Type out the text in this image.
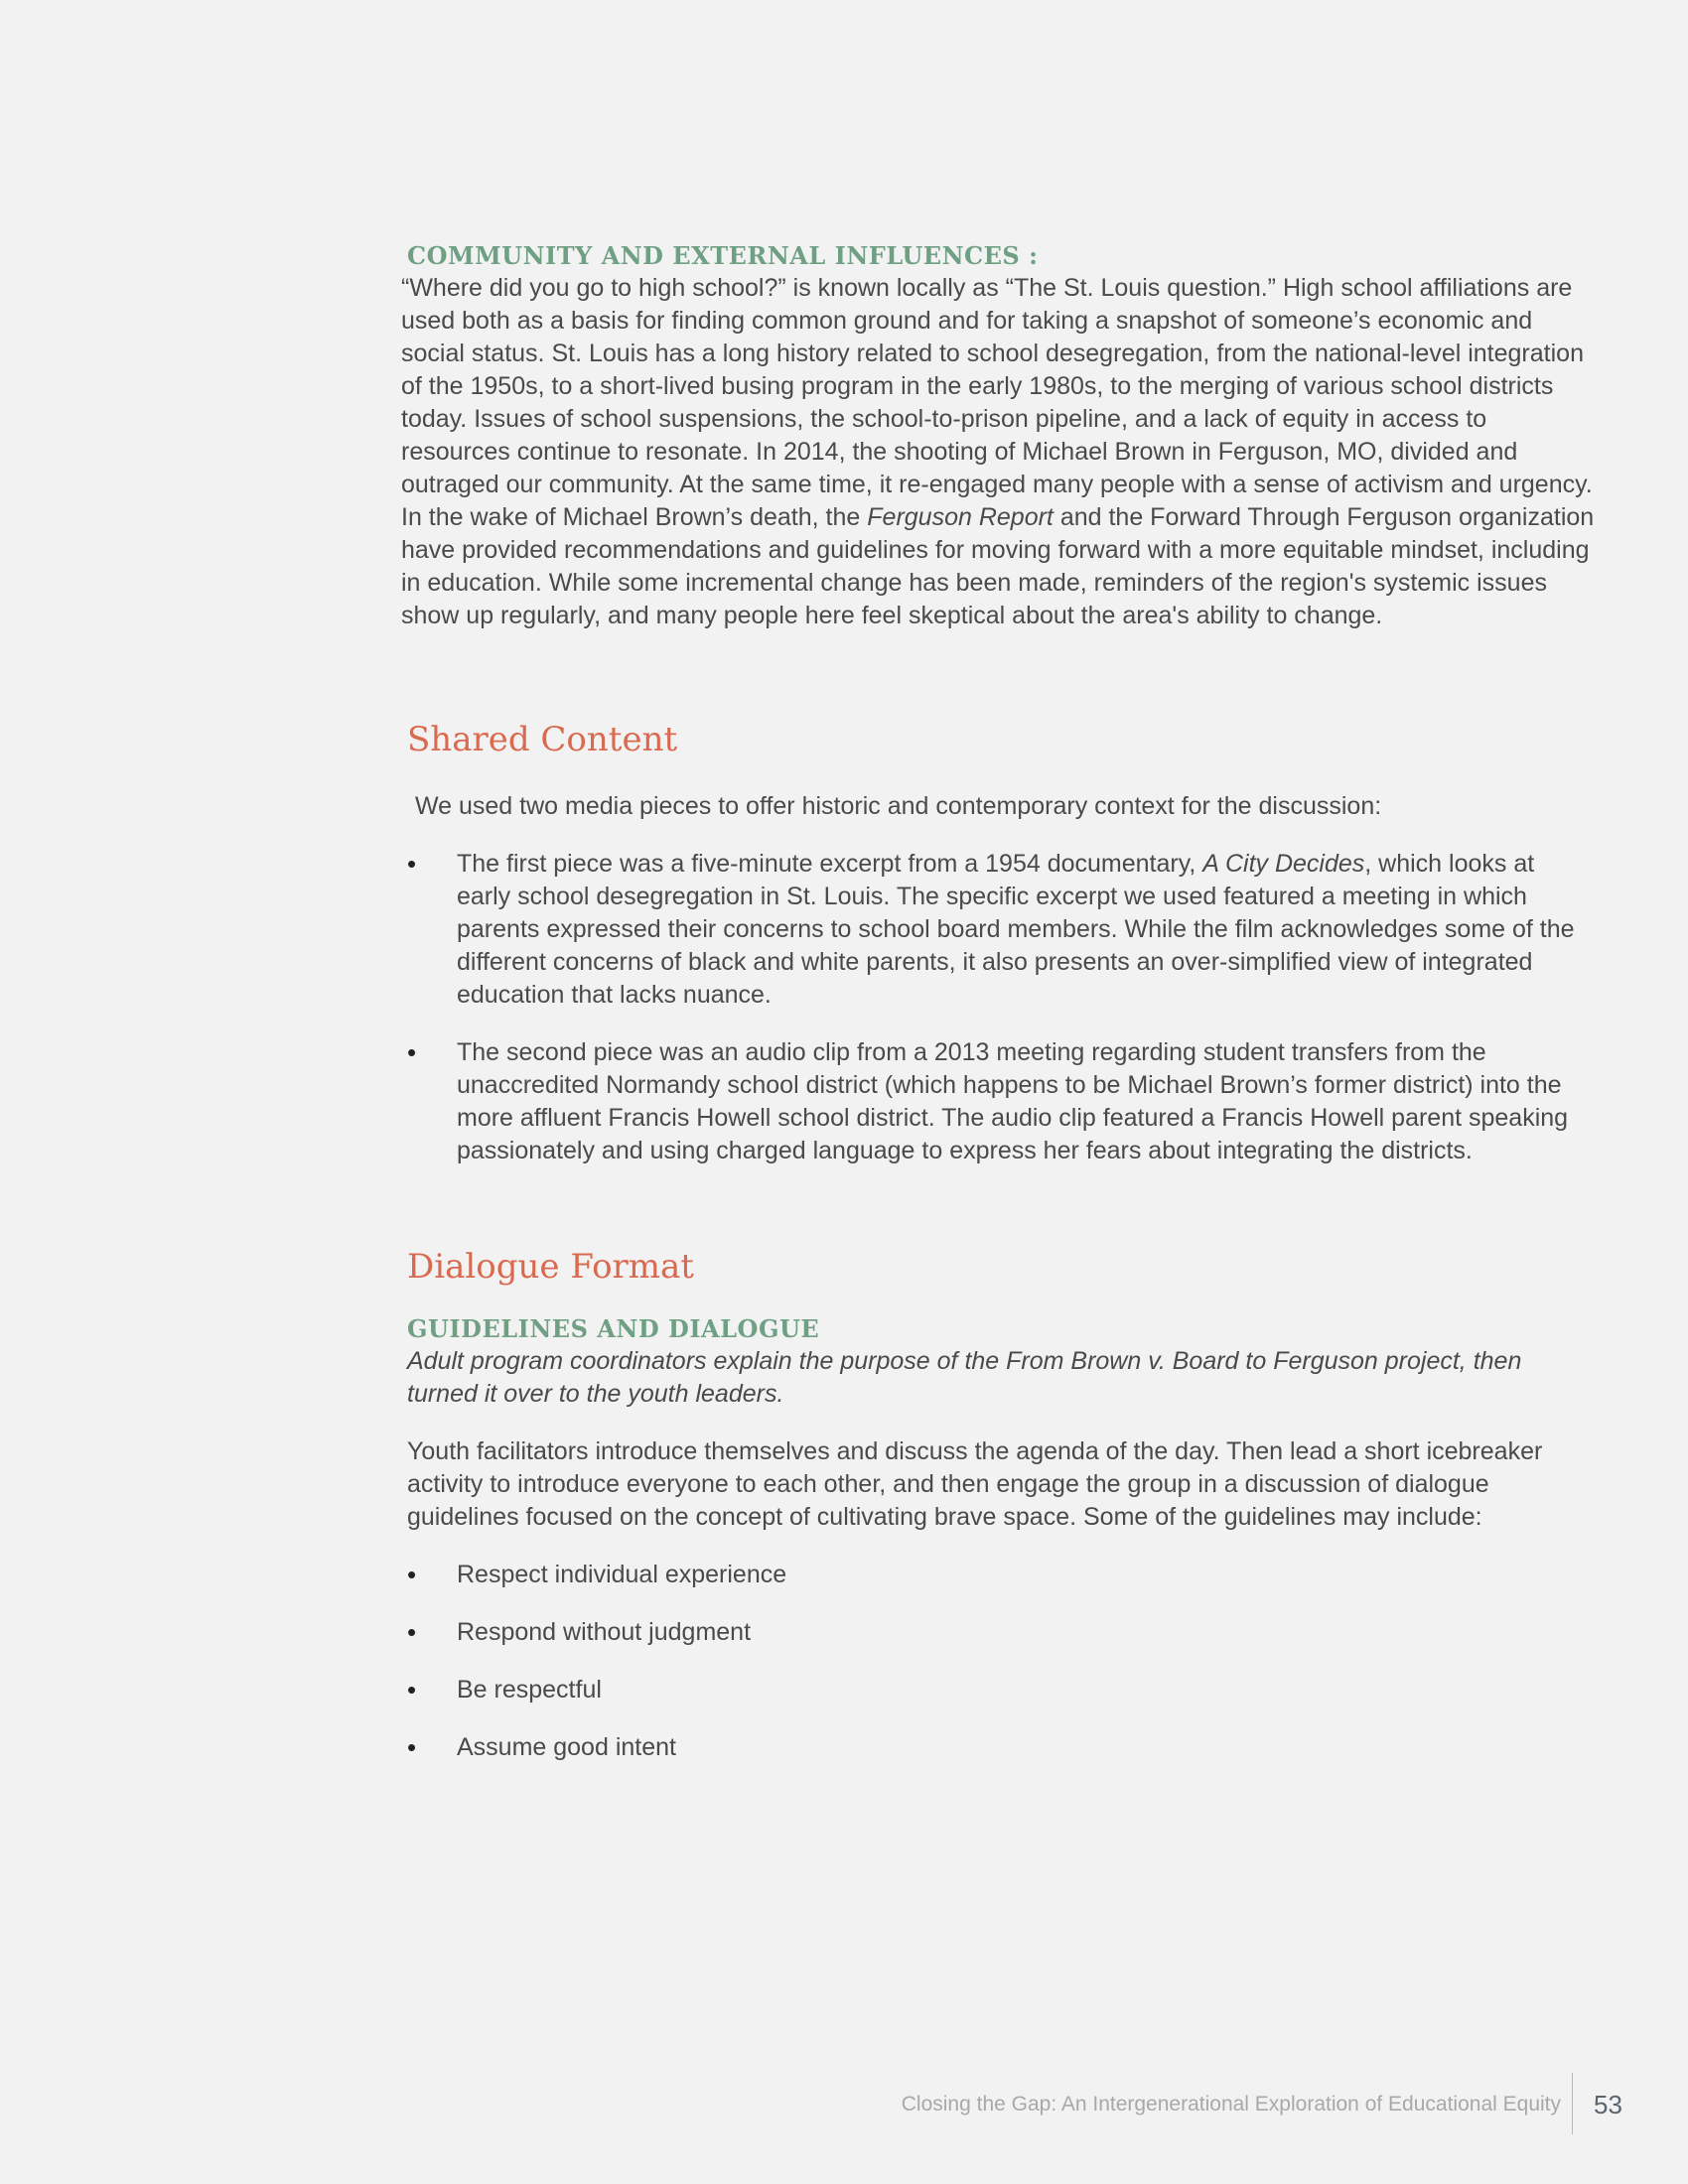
COMMUNITY AND EXTERNAL INFLUENCES :

“Where did you go to high school?” is known locally as “The St. Louis question.” High school affiliations are used both as a basis for finding common ground and for taking a snapshot of someone’s economic and social status. St. Louis has a long history related to school desegregation, from the national-level integration of the 1950s, to a short-lived busing program in the early 1980s, to the merging of various school districts today. Issues of school suspensions, the school-to-prison pipeline, and a lack of equity in access to resources continue to resonate. In 2014, the shooting of Michael Brown in Ferguson, MO, divided and outraged our community. At the same time, it re-engaged many people with a sense of activism and urgency. In the wake of Michael Brown’s death, the Ferguson Report and the Forward Through Ferguson organization have provided recommendations and guidelines for moving forward with a more equitable mindset, including in education. While some incremental change has been made, reminders of the region's systemic issues show up regularly, and many people here feel skeptical about the area's ability to change.

Shared Content

We used two media pieces to offer historic and contemporary context for the discussion:

• The first piece was a five-minute excerpt from a 1954 documentary, A City Decides, which looks at early school desegregation in St. Louis. The specific excerpt we used featured a meeting in which parents expressed their concerns to school board members. While the film acknowledges some of the different concerns of black and white parents, it also presents an over-simplified view of integrated education that lacks nuance.
• The second piece was an audio clip from a 2013 meeting regarding student transfers from the unaccredited Normandy school district (which happens to be Michael Brown’s former district) into the more affluent Francis Howell school district. The audio clip featured a Francis Howell parent speaking passionately and using charged language to express her fears about integrating the districts.
Dialogue Format
GUIDELINES AND DIALOGUE

Adult program coordinators explain the purpose of the From Brown v. Board to Ferguson project, then turned it over to the youth leaders.

Youth facilitators introduce themselves and discuss the agenda of the day. Then lead a short icebreaker activity to introduce everyone to each other, and then engage the group in a discussion of dialogue guidelines focused on the concept of cultivating brave space. Some of the guidelines may include:

• Respect individual experience
• Respond without judgment
• Be respectful
• Assume good intent
Closing the Gap: An Intergenerational Exploration of Educational Equity 53
